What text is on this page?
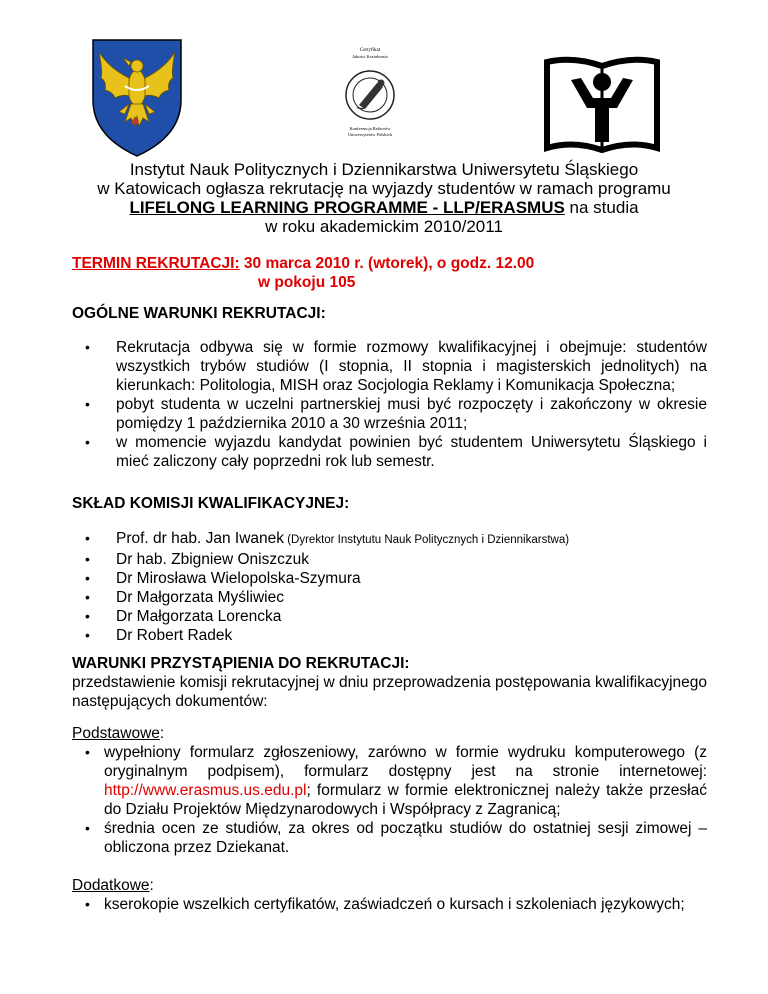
Certyfikat
Jakości Kształcenia
Konferencja Rektorów
Uniwersytetów Polskich
Instytut Nauk Politycznych i Dziennikarstwa Uniwersytetu Śląskiego
w Katowicach ogłasza rekrutację na wyjazdy studentów w ramach programu
LIFELONG LEARNING PROGRAMME - LLP/ERASMUS na studia
w roku akademickim 2010/2011
TERMIN REKRUTACJI: 30 marca 2010 r. (wtorek), o godz. 12.00
w pokoju 105
OGÓLNE WARUNKI REKRUTACJI:
• Rekrutacja odbywa się w formie rozmowy kwalifikacyjnej i obejmuje: studentów wszystkich trybów studiów (I stopnia, II stopnia i magisterskich jednolitych) na kierunkach: Politologia, MISH oraz Socjologia Reklamy i Komunikacja Społeczna;
• pobyt studenta w uczelni partnerskiej musi być rozpoczęty i zakończony w okresie pomiędzy 1 października 2010 a 30 września 2011;
• w momencie wyjazdu kandydat powinien być studentem Uniwersytetu Śląskiego i mieć zaliczony cały poprzedni rok lub semestr.
SKŁAD KOMISJI KWALIFIKACYJNEJ:
• Prof. dr hab. Jan Iwanek (Dyrektor Instytutu Nauk Politycznych i Dziennikarstwa)
• Dr hab. Zbigniew Oniszczuk
• Dr Mirosława Wielopolska-Szymura
• Dr Małgorzata Myśliwiec
• Dr Małgorzata Lorencka
• Dr Robert Radek
WARUNKI PRZYSTĄPIENIA DO REKRUTACJI:
przedstawienie komisji rekrutacyjnej w dniu przeprowadzenia postępowania kwalifikacyjnego następujących dokumentów:
Podstawowe:
• wypełniony formularz zgłoszeniowy, zarówno w formie wydruku komputerowego (z oryginalnym podpisem), formularz dostępny jest na stronie internetowej: http://www.erasmus.us.edu.pl; formularz w formie elektronicznej należy także przesłać do Działu Projektów Międzynarodowych i Współpracy z Zagranicą;
• średnia ocen ze studiów, za okres od początku studiów do ostatniej sesji zimowej – obliczona przez Dziekanat.
Dodatkowe:
• kserokopie wszelkich certyfikatów, zaświadczeń o kursach i szkoleniach językowych;
